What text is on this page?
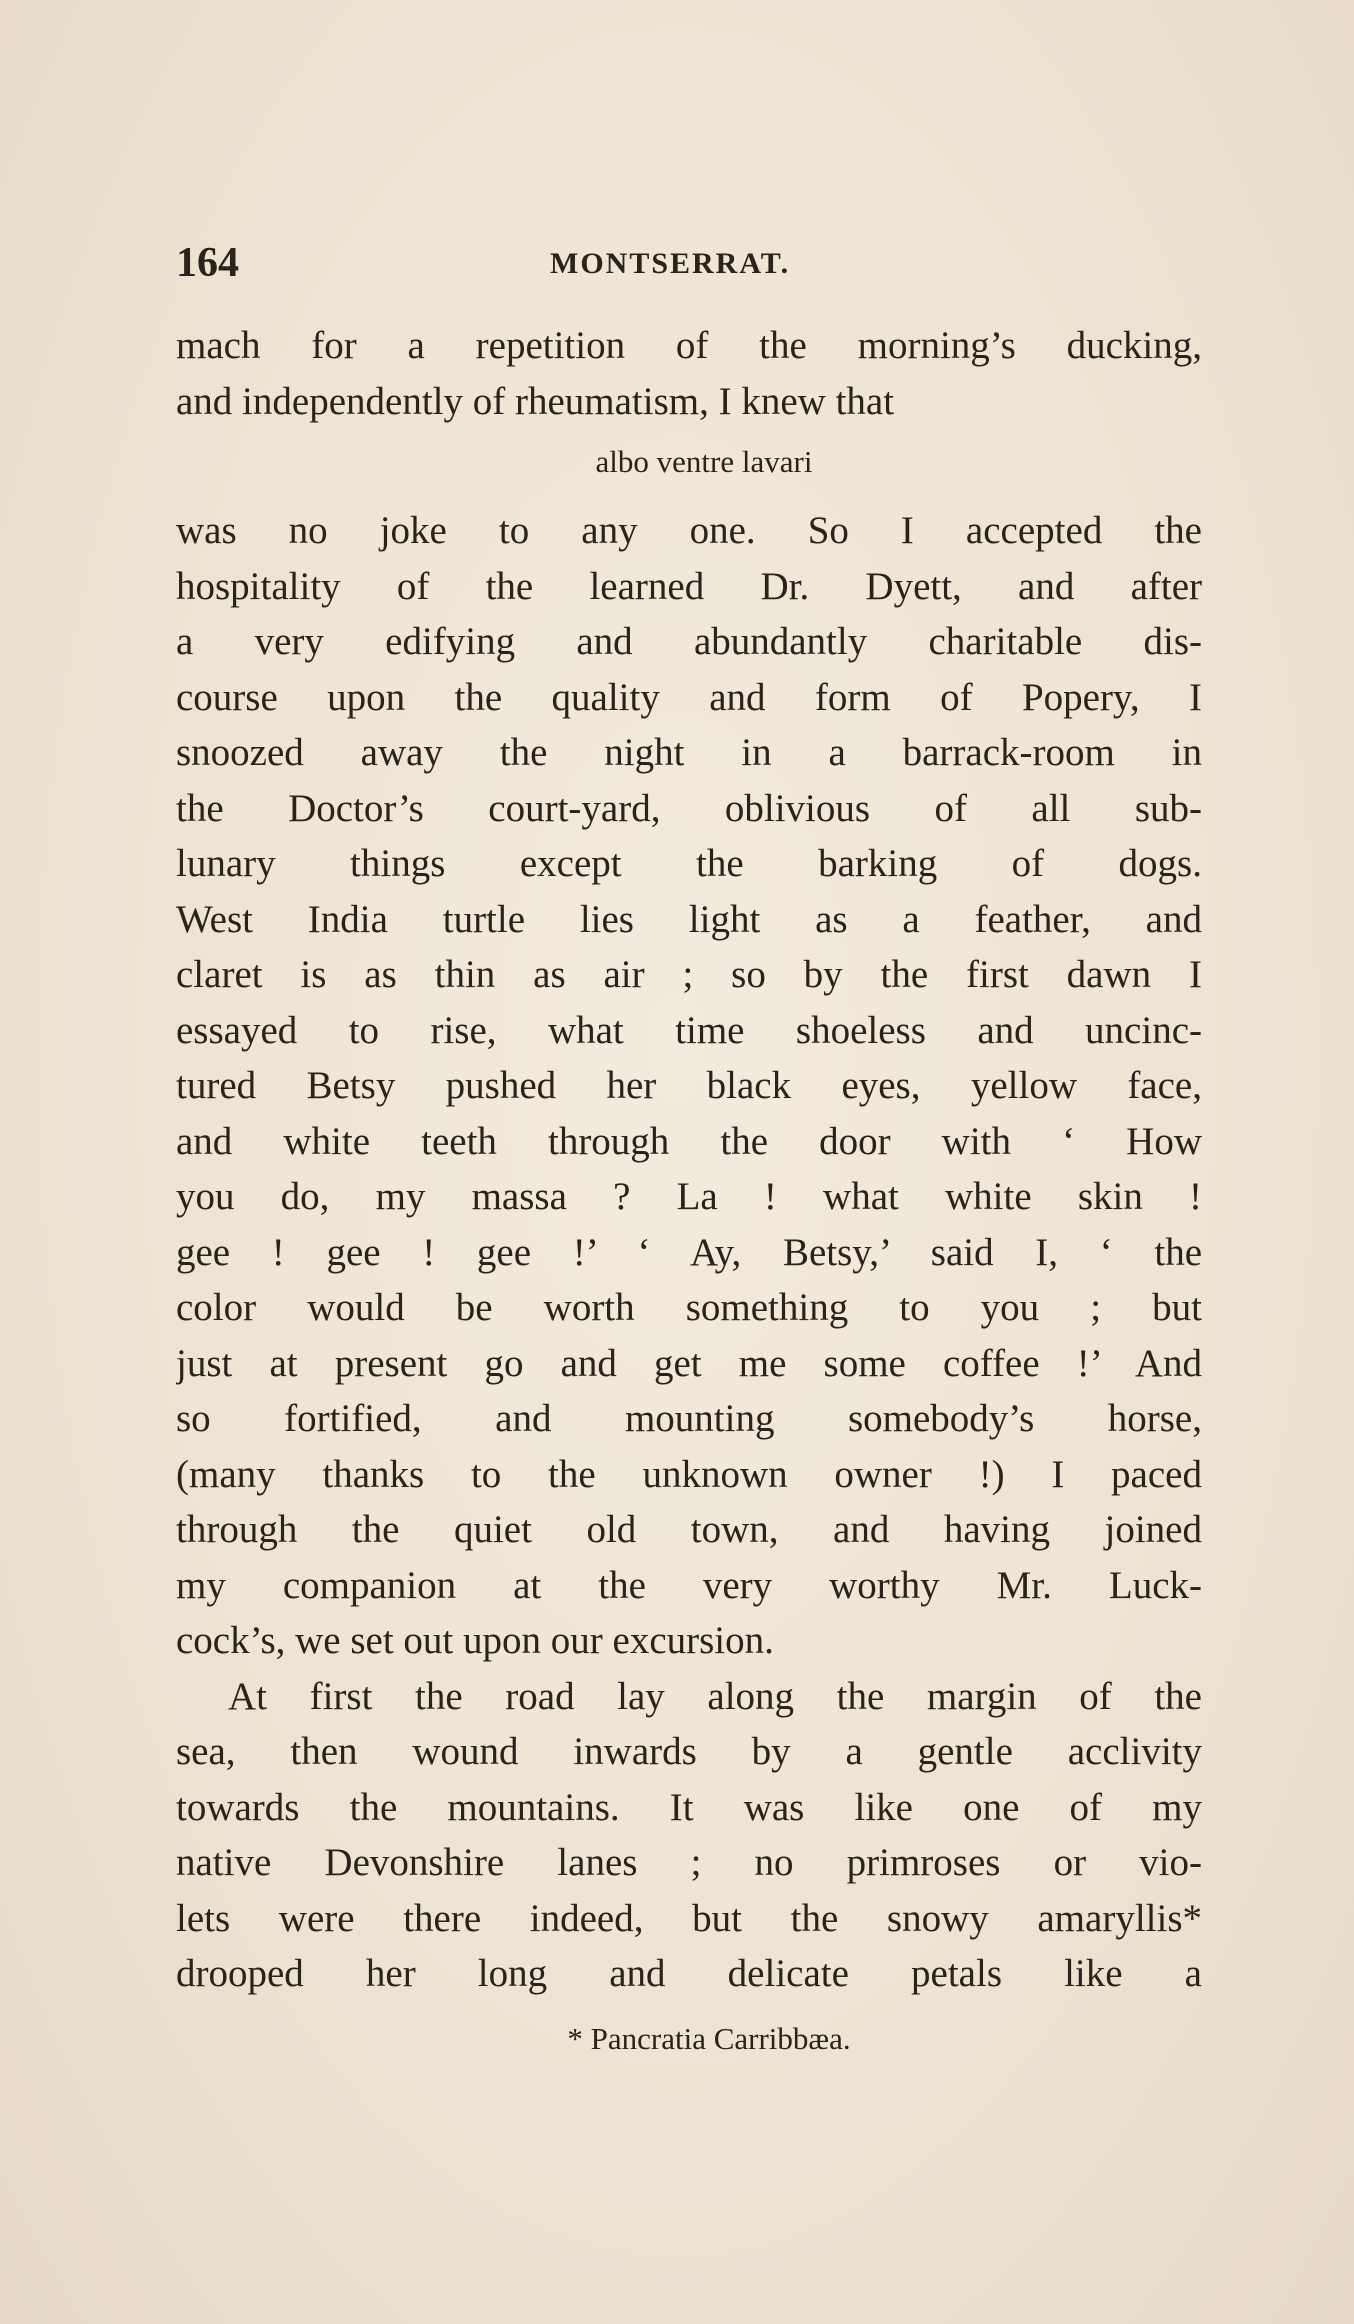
164	MONTSERRAT.
mach for a repetition of the morning’s ducking,
and independently of rheumatism, I knew that
albo ventre lavari
was no joke to any one. So I accepted the
hospitality of the learned Dr. Dyett, and after
a very edifying and abundantly charitable dis-
course upon the quality and form of Popery, I
snoozed away the night in a barrack-room in
the Doctor’s court-yard, oblivious of all sub-
lunary things except the barking of dogs.
West India turtle lies light as a feather, and
claret is as thin as air ; so by the first dawn I
essayed to rise, what time shoeless and uncinc-
tured Betsy pushed her black eyes, yellow face,
and white teeth through the door with ‘ How
you do, my massa ? La ! what white skin !
gee ! gee ! gee !’ ‘ Ay, Betsy,’ said I, ‘ the
color would be worth something to you ; but
just at present go and get me some coffee !’ And
so fortified, and mounting somebody’s horse,
(many thanks to the unknown owner !) I paced
through the quiet old town, and having joined
my companion at the very worthy Mr. Luck-
cock’s, we set out upon our excursion.
At first the road lay along the margin of the
sea, then wound inwards by a gentle acclivity
towards the mountains. It was like one of my
native Devonshire lanes ; no primroses or vio-
lets were there indeed, but the snowy amaryllis*
drooped her long and delicate petals like a
* Pancratia Carribbæa.
